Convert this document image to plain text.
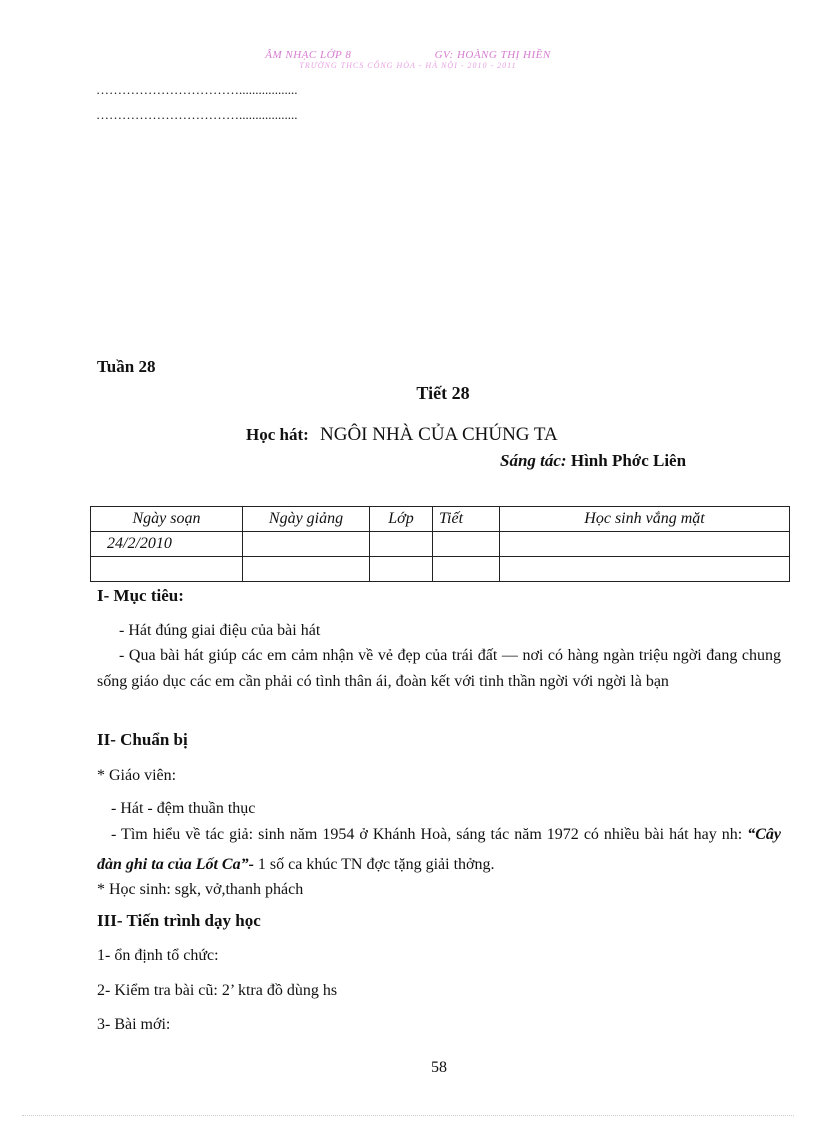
ÂM NHẠC LỚP 8	GV: HOÀNG THỊ HIỀN
TRƯỜNG THCS CỔNG HÒA - HÀ NỘI - 2010 - 2011
……………………………..................
……………………………..................
Tuần 28
Tiết 28
Học hát: NGÔI NHÀ CỦA CHÚNG TA
Sáng tác: Hình Phớc Liên
Ngày soạn	Ngày giảng	Lớp	Tiết	Học sinh vắng mặt
24/2/2010				

I- Mục tiêu:
- Hát đúng giai điệu của bài hát
- Qua bài hát giúp các em cảm nhận về vẻ đẹp của trái đất — nơi có hàng ngàn triệu ngời đang chung sống giáo dục các em cần phải có tình thân ái, đoàn kết với tinh thần ngời với ngời là bạn
II- Chuẩn bị
* Giáo viên:
- Hát - đệm thuần thục
- Tìm hiểu về tác giả: sinh năm 1954 ở Khánh Hoà, sáng tác năm 1972 có nhiều bài hát hay nh: “Cây đàn ghi ta của Lốt Ca”- 1 số ca khúc TN đợc tặng giải thởng.
* Học sinh: sgk, vở,thanh phách
III- Tiến trình dạy học
1- ổn định tổ chức:
2- Kiểm tra bài cũ: 2’ ktra đồ dùng hs
3- Bài mới:
58
